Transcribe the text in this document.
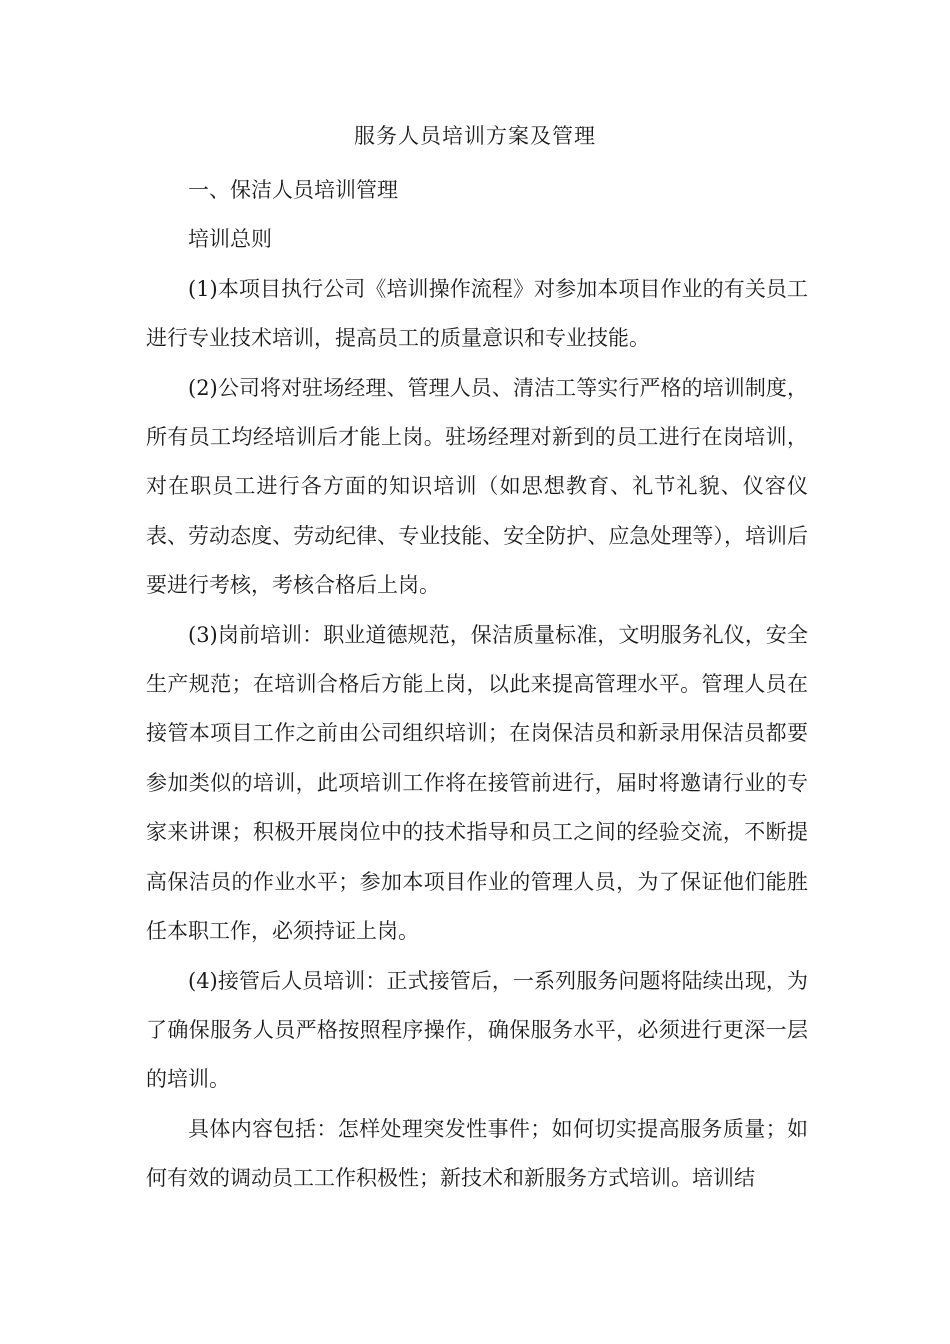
服务人员培训方案及管理

一、保洁人员培训管理

培训总则

(1)本项目执行公司《培训操作流程》对参加本项目作业的有关员工进行专业技术培训，提高员工的质量意识和专业技能。

(2)公司将对驻场经理、管理人员、清洁工等实行严格的培训制度，所有员工均经培训后才能上岗。驻场经理对新到的员工进行在岗培训，对在职员工进行各方面的知识培训（如思想教育、礼节礼貌、仪容仪表、劳动态度、劳动纪律、专业技能、安全防护、应急处理等），培训后要进行考核，考核合格后上岗。

(3)岗前培训：职业道德规范，保洁质量标准，文明服务礼仪，安全生产规范；在培训合格后方能上岗，以此来提高管理水平。管理人员在接管本项目工作之前由公司组织培训；在岗保洁员和新录用保洁员都要参加类似的培训，此项培训工作将在接管前进行，届时将邀请行业的专家来讲课；积极开展岗位中的技术指导和员工之间的经验交流，不断提高保洁员的作业水平；参加本项目作业的管理人员，为了保证他们能胜任本职工作，必须持证上岗。

(4)接管后人员培训：正式接管后，一系列服务问题将陆续出现，为了确保服务人员严格按照程序操作，确保服务水平，必须进行更深一层的培训。

具体内容包括：怎样处理突发性事件；如何切实提高服务质量；如何有效的调动员工工作积极性；新技术和新服务方式培训。培训结
